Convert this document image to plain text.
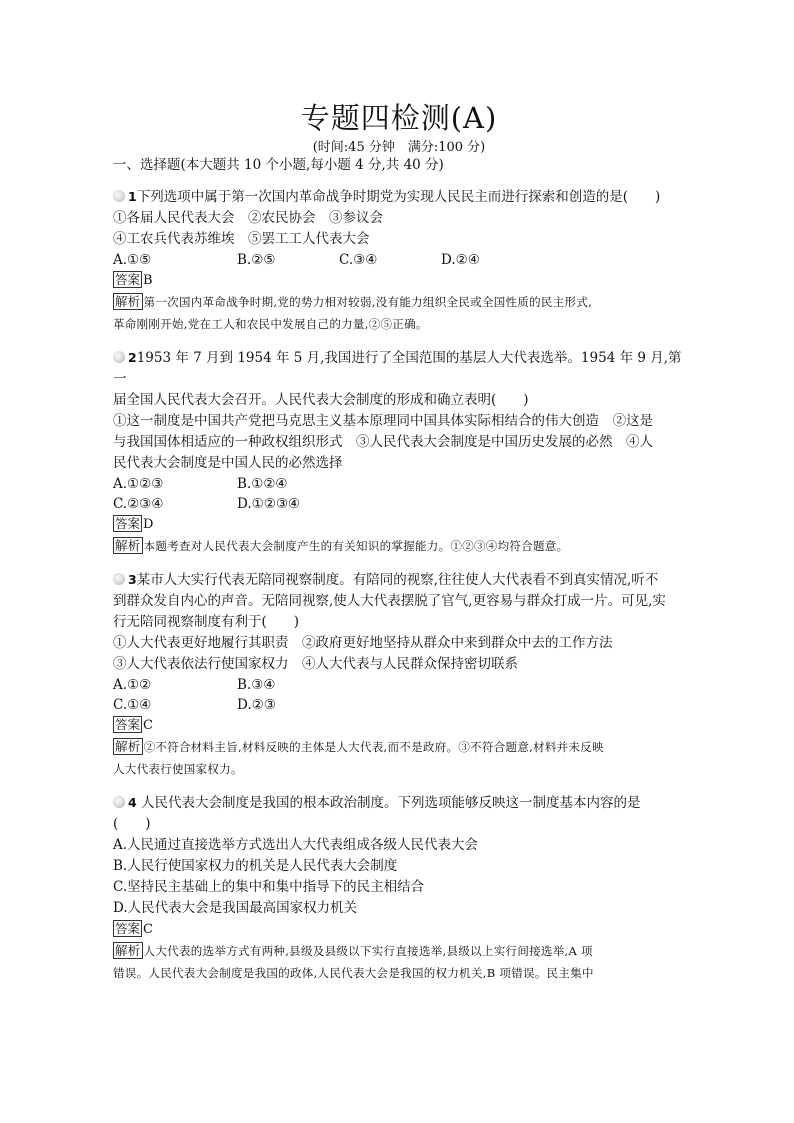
专题四检测(A)
(时间:45 分钟　满分:100 分)
一、选择题(本大题共 10 个小题,每小题 4 分,共 40 分)
1下列选项中属于第一次国内革命战争时期党为实现人民民主而进行探索和创造的是(　　)
①各届人民代表大会　②农民协会　③参议会
④工农兵代表苏维埃　⑤罢工工人代表大会
A.①⑤	B.②⑤	C.③④	D.②④
答案 B
解析 第一次国内革命战争时期,党的势力相对较弱,没有能力组织全民或全国性质的民主形式,
革命刚刚开始,党在工人和农民中发展自己的力量,②⑤正确。
21953 年 7 月到 1954 年 5 月,我国进行了全国范围的基层人大代表选举。1954 年 9 月,第一
届全国人民代表大会召开。人民代表大会制度的形成和确立表明(　　)
①这一制度是中国共产党把马克思主义基本原理同中国具体实际相结合的伟大创造　②这是
与我国国体相适应的一种政权组织形式　③人民代表大会制度是中国历史发展的必然　④人
民代表大会制度是中国人民的必然选择
A.①②③	B.①②④
C.②③④	D.①②③④
答案 D
解析 本题考查对人民代表大会制度产生的有关知识的掌握能力。①②③④均符合题意。
3某市人大实行代表无陪同视察制度。有陪同的视察,往往使人大代表看不到真实情况,听不
到群众发自内心的声音。无陪同视察,使人大代表摆脱了官气,更容易与群众打成一片。可见,实
行无陪同视察制度有利于(　　)
①人大代表更好地履行其职责　②政府更好地坚持从群众中来到群众中去的工作方法
③人大代表依法行使国家权力　④人大代表与人民群众保持密切联系
A.①②	B.③④
C.①④	D.②③
答案 C
解析 ②不符合材料主旨,材料反映的主体是人大代表,而不是政府。③不符合题意,材料并未反映
人大代表行使国家权力。
4 人民代表大会制度是我国的根本政治制度。下列选项能够反映这一制度基本内容的是
(　　)
A.人民通过直接选举方式选出人大代表组成各级人民代表大会
B.人民行使国家权力的机关是人民代表大会制度
C.坚持民主基础上的集中和集中指导下的民主相结合
D.人民代表大会是我国最高国家权力机关
答案 C
解析 人大代表的选举方式有两种,县级及县级以下实行直接选举,县级以上实行间接选举,A 项
错误。人民代表大会制度是我国的政体,人民代表大会是我国的权力机关,B 项错误。民主集中
